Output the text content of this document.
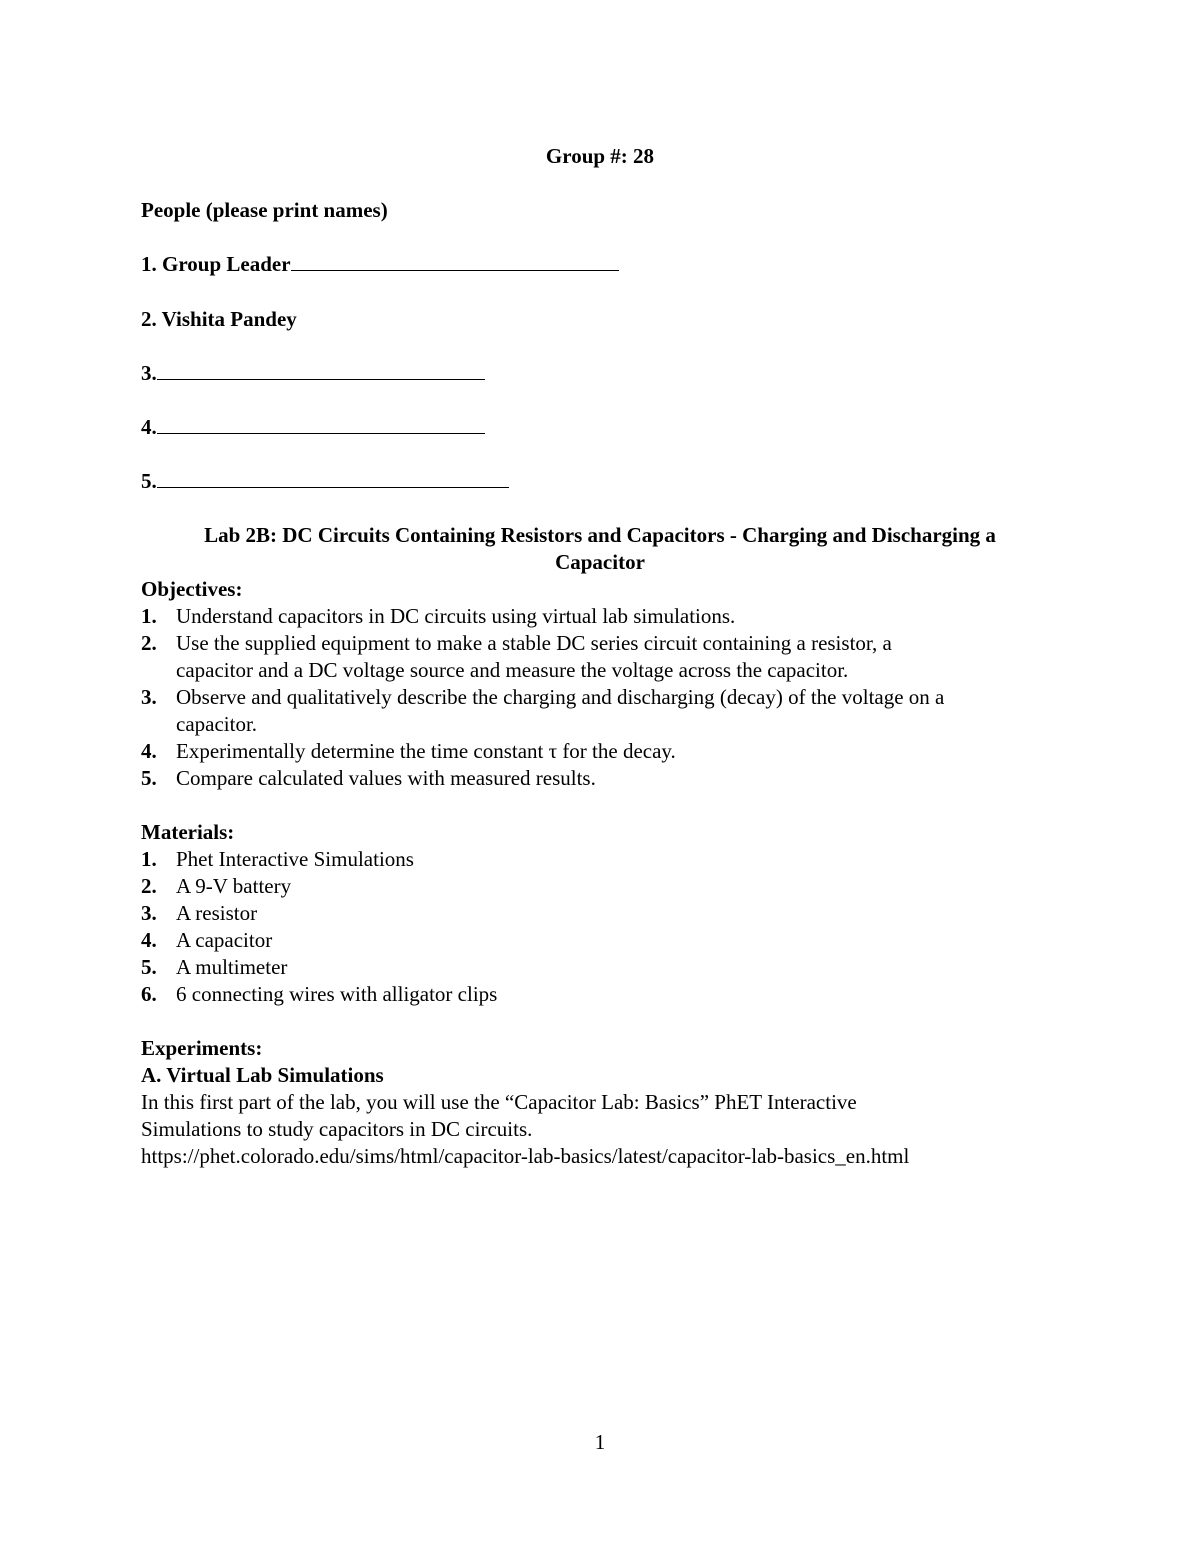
Group #: 28
People (please print names)
1. Group Leader
2. Vishita Pandey
3.
4.
5.
Lab 2B: DC Circuits Containing Resistors and Capacitors - Charging and Discharging a
Capacitor
Objectives:
1. Understand capacitors in DC circuits using virtual lab simulations.
2. Use the supplied equipment to make a stable DC series circuit containing a resistor, a
capacitor and a DC voltage source and measure the voltage across the capacitor.
3. Observe and qualitatively describe the charging and discharging (decay) of the voltage on a
capacitor.
4. Experimentally determine the time constant τ for the decay.
5. Compare calculated values with measured results.
Materials:
1. Phet Interactive Simulations
2. A 9-V battery
3. A resistor
4. A capacitor
5. A multimeter
6. 6 connecting wires with alligator clips
Experiments:
A. Virtual Lab Simulations
In this first part of the lab, you will use the “Capacitor Lab: Basics” PhET Interactive
Simulations to study capacitors in DC circuits.
https://phet.colorado.edu/sims/html/capacitor-lab-basics/latest/capacitor-lab-basics_en.html
1
